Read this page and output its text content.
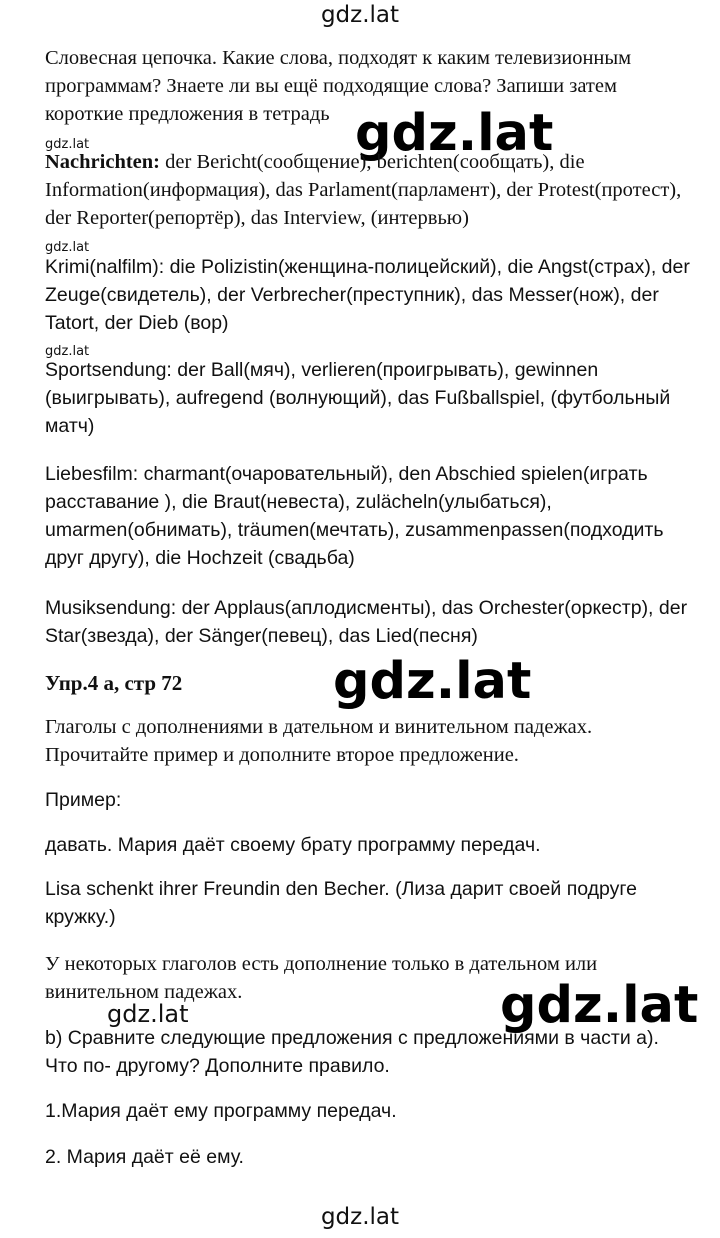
gdz.lat

Словесная цепочка. Какие слова, подходят к каким телевизионным программам? Знаете ли вы ещё подходящие слова? Запиши затем короткие предложения в тетрадь gdz.lat
gdz.lat

Nachrichten: der Bericht(сообщение), berichten(сообщать), die Information(информация), das Parlament(парламент), der Protest(протест), der Reporter(репортёр), das Interview, (интервью)

gdz.lat

Krimi(nalfilm): die Polizistin(женщина-полицейский), die Angst(страх), der Zeuge(свидетель), der Verbrecher(преступник), das Messer(нож), der Tatort, der Dieb (вор)

gdz.lat

Sportsendung: der Ball(мяч), verlieren(проигрывать), gewinnen (выигрывать), aufregend (волнующий), das Fußballspiel, (футбольный матч)

Liebesfilm: charmant(очаровательный), den Abschied spielen(играть расставание ), die Braut(невеста), zulächeln(улыбаться), umarmen(обнимать), träumen(мечтать), zusammenpassen(подходить друг другу), die Hochzeit (свадьба)

Musiksendung: der Applaus(аплодисменты), das Orchester(оркестр), der Star(звезда), der Sänger(певец), das Lied(песня)

Упр.4 а, стр 72	gdz.lat

Глаголы с дополнениями в дательном и винительном падежах. Прочитайте пример и дополните второе предложение.

Пример:

давать. Мария даёт своему брату программу передач.

Lisa schenkt ihrer Freundin den Becher. (Лиза дарит своей подруге кружку.)

У некоторых глаголов есть дополнение только в дательном или винительном падежах.	gdz.lat
gdz.lat

b) Сравните следующие предложения с предложениями в части а). Что по- другому? Дополните правило.

1.Мария даёт ему программу передач.

2. Мария даёт её ему.

gdz.lat
